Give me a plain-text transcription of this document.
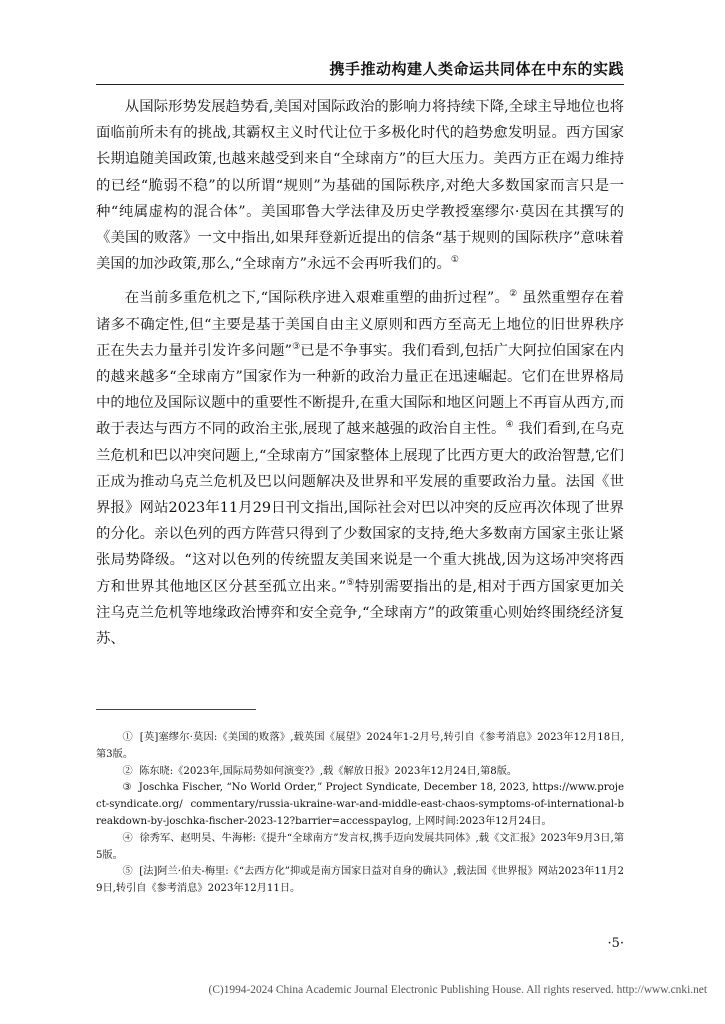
携手推动构建人类命运共同体在中东的实践

从国际形势发展趋势看,美国对国际政治的影响力将持续下降,全球主导地位也将面临前所未有的挑战,其霸权主义时代让位于多极化时代的趋势愈发明显。西方国家长期追随美国政策,也越来越受到来自“全球南方”的巨大压力。美西方正在竭力维持的已经“脆弱不稳”的以所谓“规则”为基础的国际秩序,对绝大多数国家而言只是一种“纯属虚构的混合体”。美国耶鲁大学法律及历史学教授塞缪尔·莫因在其撰写的《美国的败落》一文中指出,如果拜登新近提出的信条“基于规则的国际秩序”意味着美国的加沙政策,那么,“全球南方”永远不会再听我们的。①

在当前多重危机之下,“国际秩序进入艰难重塑的曲折过程”。② 虽然重塑存在着诸多不确定性,但“主要是基于美国自由主义原则和西方至高无上地位的旧世界秩序正在失去力量并引发许多问题”③已是不争事实。我们看到,包括广大阿拉伯国家在内的越来越多“全球南方”国家作为一种新的政治力量正在迅速崛起。它们在世界格局中的地位及国际议题中的重要性不断提升,在重大国际和地区问题上不再盲从西方,而敢于表达与西方不同的政治主张,展现了越来越强的政治自主性。④ 我们看到,在乌克兰危机和巴以冲突问题上,“全球南方”国家整体上展现了比西方更大的政治智慧,它们正成为推动乌克兰危机及巴以问题解决及世界和平发展的重要政治力量。法国《世界报》网站2023年11月29日刊文指出,国际社会对巴以冲突的反应再次体现了世界的分化。亲以色列的西方阵营只得到了少数国家的支持,绝大多数南方国家主张让紧张局势降级。“这对以色列的传统盟友美国来说是一个重大挑战,因为这场冲突将西方和世界其他地区区分甚至孤立出来。”⑤特别需要指出的是,相对于西方国家更加关注乌克兰危机等地缘政治博弈和安全竞争,“全球南方”的政策重心则始终围绕经济复苏、

① [英]塞缪尔·莫因:《美国的败落》,载英国《展望》2024年1-2月号,转引自《参考消息》2023年12月18日,第3版。

② 陈东晓:《2023年,国际局势如何演变?》,载《解放日报》2023年12月24日,第8版。

③ Joschka Fischer, “No World Order,” Project Syndicate, December 18, 2023, https://www.project-syndicate.org/ commentary/russia-ukraine-war-and-middle-east-chaos-symptoms-of-international-breakdown-by-joschka-fischer-2023-12?barrier=accesspaylog, 上网时间:2023年12月24日。

④ 徐秀军、赵明昊、牛海彬:《提升“全球南方”发言权,携手迈向发展共同体》,载《文汇报》2023年9月3日,第5版。

⑤ [法]阿兰·伯夫-梅里:《“去西方化”抑或是南方国家日益对自身的确认》,载法国《世界报》网站2023年11月29日,转引自《参考消息》2023年12月11日。

·5·
(C)1994-2024 China Academic Journal Electronic Publishing House. All rights reserved. http://www.cnki.net
